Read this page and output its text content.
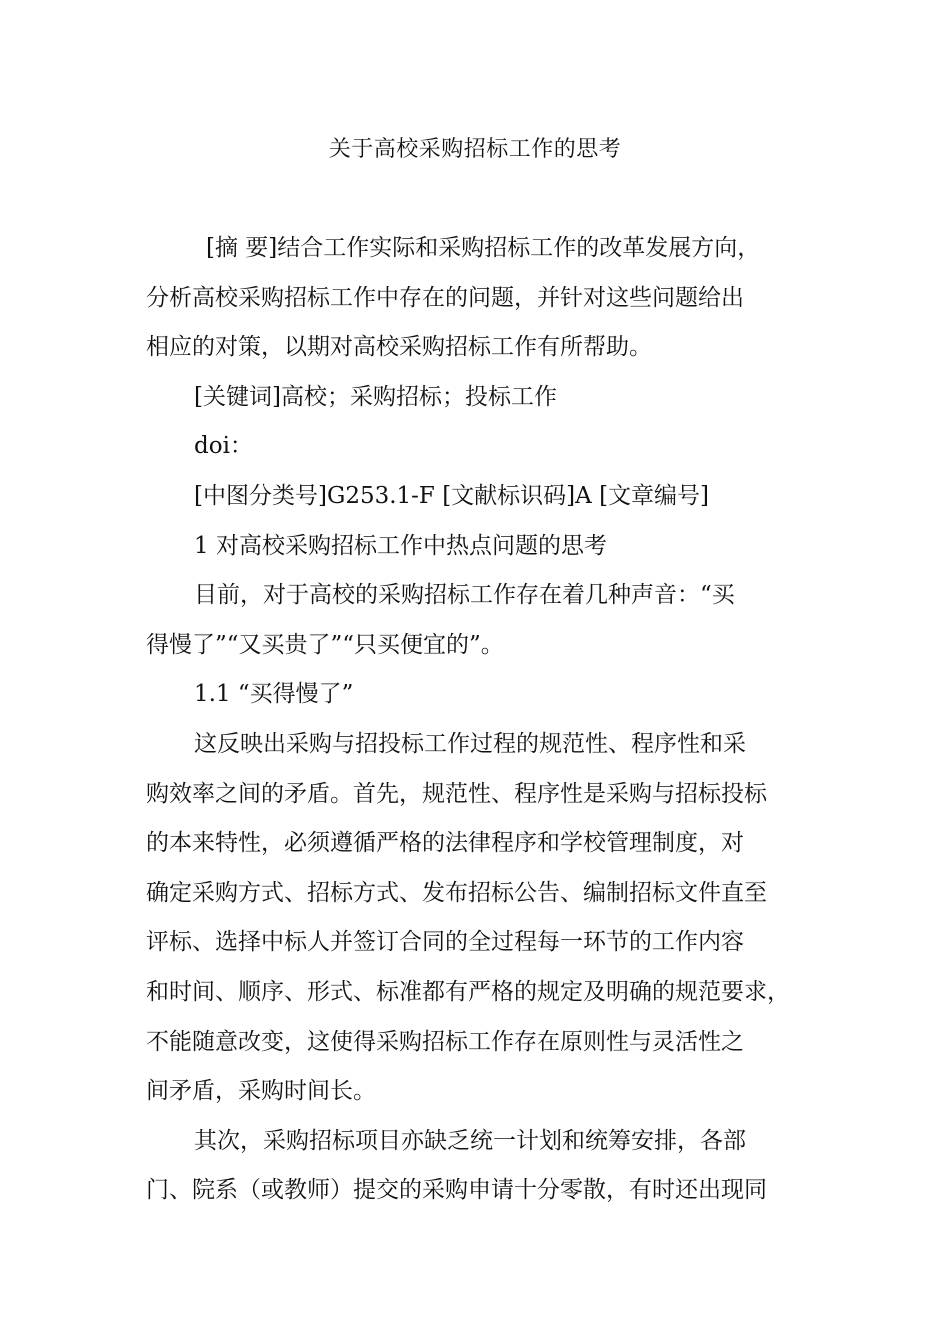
关于高校采购招标工作的思考

[摘 要]结合工作实际和采购招标工作的改革发展方向，
分析高校采购招标工作中存在的问题，并针对这些问题给出
相应的对策，以期对高校采购招标工作有所帮助。

[关键词]高校；采购招标；投标工作

doi：

[中图分类号]G253.1-F [文献标识码]A [文章编号]

1 对高校采购招标工作中热点问题的思考

目前，对于高校的采购招标工作存在着几种声音：“买
得慢了”“又买贵了”“只买便宜的”。

1.1 “买得慢了”

这反映出采购与招投标工作过程的规范性、程序性和采
购效率之间的矛盾。首先，规范性、程序性是采购与招标投标
的本来特性，必须遵循严格的法律程序和学校管理制度，对
确定采购方式、招标方式、发布招标公告、编制招标文件直至
评标、选择中标人并签订合同的全过程每一环节的工作内容
和时间、顺序、形式、标准都有严格的规定及明确的规范要求，
不能随意改变，这使得采购招标工作存在原则性与灵活性之
间矛盾，采购时间长。

其次，采购招标项目亦缺乏统一计划和统筹安排，各部
门、院系（或教师）提交的采购申请十分零散，有时还出现同
